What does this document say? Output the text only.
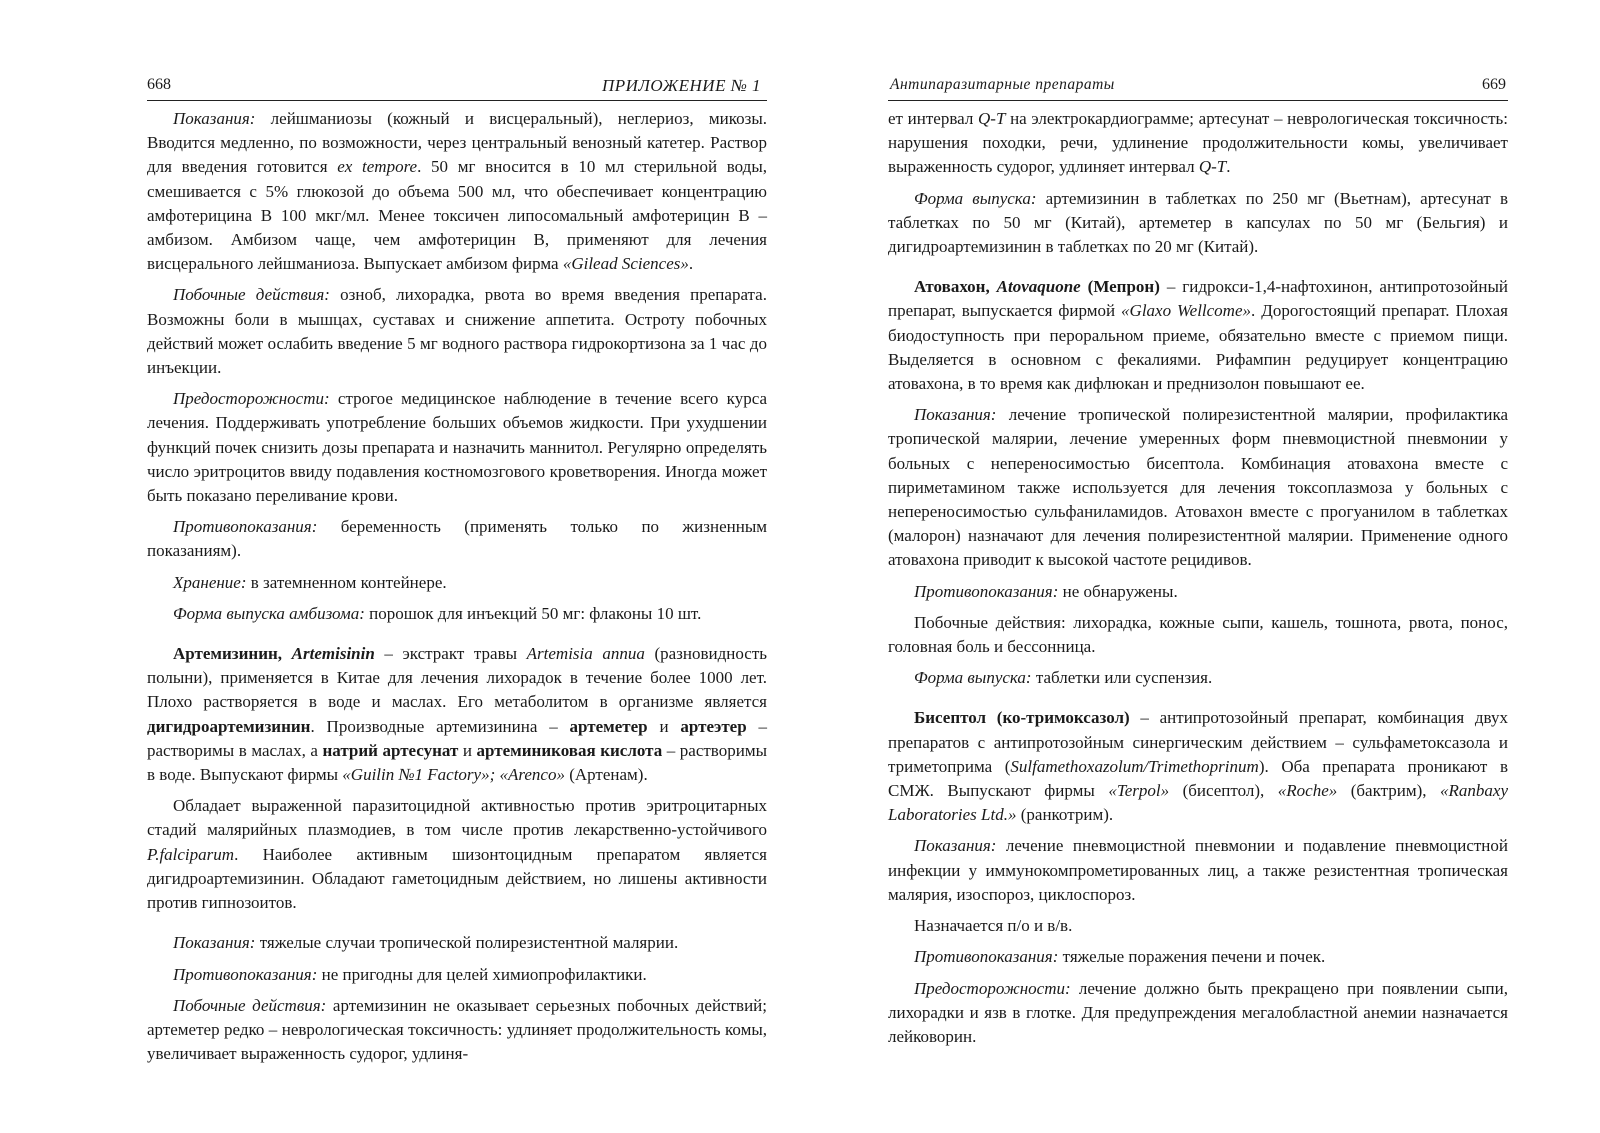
668	ПРИЛОЖЕНИЕ № 1

Показания: лейшманиозы (кожный и висцеральный), неглериоз, микозы. Вводится медленно, по возможности, через центральный венозный катетер. Раствор для введения готовится ex tempore. 50 мг вносится в 10 мл стерильной воды, смешивается с 5% глюкозой до объема 500 мл, что обеспечивает концентрацию амфотерицина В 100 мкг/мл. Менее токсичен липосомальный амфотерицин В – амбизом. Амбизом чаще, чем амфотерицин В, применяют для лечения висцерального лейшманиоза. Выпускает амбизом фирма «Gilead Sciences».

Побочные действия: озноб, лихорадка, рвота во время введения препарата. Возможны боли в мышцах, суставах и снижение аппетита. Остроту побочных действий может ослабить введение 5 мг водного раствора гидрокортизона за 1 час до инъекции.

Предосторожности: строгое медицинское наблюдение в течение всего курса лечения. Поддерживать употребление больших объемов жидкости. При ухудшении функций почек снизить дозы препарата и назначить маннитол. Регулярно определять число эритроцитов ввиду подавления костномозгового кроветворения. Иногда может быть показано переливание крови.

Противопоказания: беременность (применять только по жизненным показаниям).

Хранение: в затемненном контейнере.

Форма выпуска амбизома: порошок для инъекций 50 мг: флаконы 10 шт.

Артемизинин, Artemisinin – экстракт травы Artemisia annua (разновидность полыни), применяется в Китае для лечения лихорадок в течение более 1000 лет. Плохо растворяется в воде и маслах. Его метаболитом в организме является дигидроартемизинин. Производные артемизинина – артеметер и артеэтер – растворимы в маслах, а натрий артесунат и артеминиковая кислота – растворимы в воде. Выпускают фирмы «Guilin №1 Factory»; «Arenco» (Артенам).

Обладает выраженной паразитоцидной активностью против эритроцитарных стадий малярийных плазмодиев, в том числе против лекарственно-устойчивого P.falciparum. Наиболее активным шизонтоцидным препаратом является дигидроартемизинин. Обладают гаметоцидным действием, но лишены активности против гипнозоитов.

Показания: тяжелые случаи тропической полирезистентной малярии.

Противопоказания: не пригодны для целей химиопрофилактики.

Побочные действия: артемизинин не оказывает серьезных побочных действий; артеметер редко – неврологическая токсичность: удлиняет продолжительность комы, увеличивает выраженность судорог, удлиня-

Антипаразитарные препараты	669

ет интервал Q-T на электрокардиограмме; артесунат – неврологическая токсичность: нарушения походки, речи, удлинение продолжительности комы, увеличивает выраженность судорог, удлиняет интервал Q-T.

Форма выпуска: артемизинин в таблетках по 250 мг (Вьетнам), артесунат в таблетках по 50 мг (Китай), артеметер в капсулах по 50 мг (Бельгия) и дигидроартемизинин в таблетках по 20 мг (Китай).

Атовахон, Atovaquone (Мепрон) – гидрокси-1,4-нафтохинон, антипротозойный препарат, выпускается фирмой «Glaxo Wellcome». Дорогостоящий препарат. Плохая биодоступность при пероральном приеме, обязательно вместе с приемом пищи. Выделяется в основном с фекалиями. Рифампин редуцирует концентрацию атовахона, в то время как дифлюкан и преднизолон повышают ее.

Показания: лечение тропической полирезистентной малярии, профилактика тропической малярии, лечение умеренных форм пневмоцистной пневмонии у больных с непереносимостью бисептола. Комбинация атовахона вместе с пириметамином также используется для лечения токсоплазмоза у больных с непереносимостью сульфаниламидов. Атовахон вместе с прогуанилом в таблетках (малорон) назначают для лечения полирезистентной малярии. Применение одного атовахона приводит к высокой частоте рецидивов.

Противопоказания: не обнаружены.

Побочные действия: лихорадка, кожные сыпи, кашель, тошнота, рвота, понос, головная боль и бессонница.

Форма выпуска: таблетки или суспензия.

Бисептол (ко-тримоксазол) – антипротозойный препарат, комбинация двух препаратов с антипротозойным синергическим действием – сульфаметоксазола и триметоприма (Sulfamethoxazolum/Trimethoprinum). Оба препарата проникают в СМЖ. Выпускают фирмы «Terpol» (бисептол), «Roche» (бактрим), «Ranbaxy Laboratories Ltd.» (ранкотрим).

Показания: лечение пневмоцистной пневмонии и подавление пневмоцистной инфекции у иммунокомпрометированных лиц, а также резистентная тропическая малярия, изоспороз, циклоспороз.

Назначается п/о и в/в.

Противопоказания: тяжелые поражения печени и почек.

Предосторожности: лечение должно быть прекращено при появлении сыпи, лихорадки и язв в глотке. Для предупреждения мегалобластной анемии назначается лейковорин.
